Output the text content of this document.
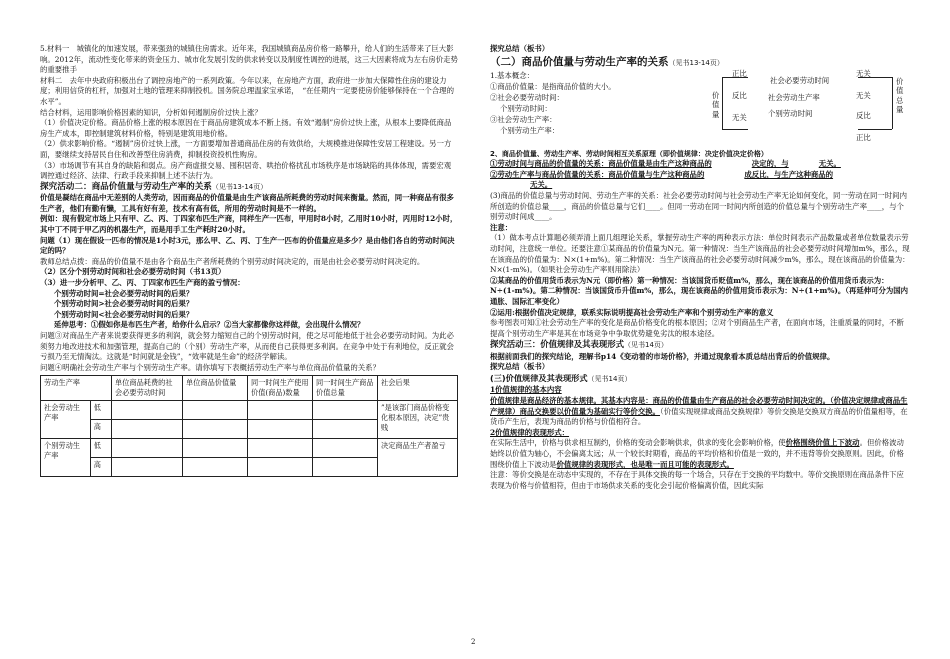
5.材料一　城镇化的加速发展，带来强劲的城镇住房需求。近年来，我国城镇商品房价格一路攀升，给人们的生活带来了巨大影响。2012年，流动性变化带来的资金压力、城市化发展引发的供求转变以及制度性调控的进展，这三大因素将成为左右房价走势的重要推手

材料二　去年中央政府积极出台了调控房地产的一系列政策。今年以来，在房地产方面，政府进一步加大保障性住房的建设力度；利用信贷的杠杆，加强对土地的管理来抑制投机。国务院总理温家宝承诺，　“在任期内一定要使房价能够保持在一个合理的水平”。

结合材料，运用影响价格因素的知识，分析如何遏制房价过快上涨？

（1）价值决定价格。商品价格上涨的根本原因在于商品房建筑成本不断上扬。有效“遏制”房价过快上涨，从根本上要降低商品房生产成本，即控制建筑材料价格，特别是建筑用地价格。

（2）供求影响价格。“遏制”房价过快上涨，一方面要增加普通商品住房的有效供给，大规模推进保障性安居工程建设。另一方面，要继续支持居民自住和改善型住房消费，抑制投资投机性购房。

（3）市场调节有其自身的缺陷和弱点。房产商虚报交易、囤积居奇、哄抬价格扰乱市场秩序是市场缺陷的具体体现，需要宏观调控通过经济、法律、行政手段来抑制上述不法行为。

探究活动二：商品价值量与劳动生产率的关系（见书13-14页）

价值是凝结在商品中无差别的人类劳动，因而商品的价值量是由生产该商品所耗费的劳动时间来衡量。然而，同一种商品有很多生产者，他们有勤有懒，工具有好有差，技术有高有低，所用的劳动时间是不一样的。

例如：现有假定市场上只有甲、乙、丙、丁四家布匹生产商，同样生产一匹布，甲用时8小时，乙用时10小时，丙用时12小时，其中丁不同于甲乙丙的机器生产，而是用手工生产耗时20小时。

问题（1）现在假设一匹布的情况是1小时3元，那么甲、乙、丙、丁生产一匹布的价值量应是多少？是由他们各自的劳动时间决定的吗？

教师总结点拨：商品的价值量不是由各个商品生产者所耗费的个别劳动时间决定的，而是由社会必要劳动时间决定的。

（2）区分个别劳动时间和社会必要劳动时间（书13页）

（3）进一步分析甲、乙、丙、丁四家布匹生产商的盈亏情况：

个别劳动时间=社会必要劳动时间的后果？

个别劳动时间>社会必要劳动时间的后果？

个别劳动时间<社会必要劳动时间的后果？

延伸思考：①假如你是布匹生产者，给你什么启示？②当大家都像你这样做，会出现什么情况？

问题③对商品生产者来说要获得更多的利润，就会努力缩短自己的个别劳动时间，使之尽可能地低于社会必要劳动时间。为此必须努力地改进技术和加强管理，提高自己的（个别）劳动生产率，从而使自己获得更多利润。在竞争中处于有利地位，反正就会亏损乃至无情淘汰。这就是“时间就是金钱”，“效率就是生命”的经济学解读。

问题④明确社会劳动生产率与个别劳动生产率。请你填写下表概括劳动生产率与单位商品价值量的关系？

劳动生产率		单位商品耗费的社会必要劳动时间	单位商品价值量	同一时间生产使用价值(商品)数量	同一时间生产商品价值总量	社会后果
社会劳动生产率	低					”是该部门商品价格变化根本原因，决定”贵贱
	高					
个别劳动生产率	低					决定商品生产者盈亏
	高					

探究总结（板书）

（二）商品价值量与劳动生产率的关系（见书13-14页）

1.基本概念：
①商品价值量：是指商品价值的大小。
②社会必要劳动时间：
个别劳动时间：
③社会劳动生产率：
个别劳动生产率：
价值量
价值总量
正比	无关
社会必要劳动时间
反比	无关
社会劳动生产率
个别劳动时间
无关	反比
正比

2、商品价值量、劳动生产率、劳动时间相互关系原理（即价值规律：决定价值决定价格）

①劳动时间与商品的价值量的关系：商品价值量是由生产这种商品的	决定的，与	无关。

②劳动生产率与商品价值量的关系：商品价值量与生产这种商品的	成反比，与生产这种商品的
无关。

(3)商品的价值总量与劳动时间、劳动生产率的关系：社会必要劳动时间与社会劳动生产率无论如何变化，同一劳动在同一时间内所创造的价值总量____，商品的价值总量与它们____。但同一劳动在同一时间内所创造的价值总量与个别劳动生产率____，与个别劳动时间成____。

注意：

（1）做本考点计算题必须弄清上面几组理论关系，掌握劳动生产率的两种表示方法：单位时间表示产品数量或者单位数量表示劳动时间，注意统一单位。还要注意①某商品的价值量为N元。第一种情况：当生产该商品的社会必要劳动时间增加m%，那么，现在该商品的价值量为：N×(1+m%)。第二种情况：当生产该商品的社会必要劳动时间减少m%，那么，现在该商品的价值量为：N×(1-m%)。（如果社会劳动生产率则用除法）

②某商品的价值用货币表示为N元（即价格）第一种情况：当该国货币贬值m%，那么，现在该商品的价值用货币表示为：N÷(1-m%)。第二种情况：当该国货币升值m%，那么，现在该商品的价值用货币表示为：N÷(1+m%)。（再延伸可分为国内通胀、国际汇率变化）

②运用:根据价值决定规律，联系实际说明提高社会劳动生产率和个别劳动生产率的意义

参考图表可知①社会劳动生产率的变化是商品价格变化的根本原因；②对个别商品生产者，在面向市场，注重质量的同时，不断提高个别劳动生产率是其在市场竞争中争取优势避免劣汰的根本途径。

探究活动三：价值规律及其表现形式（见书14页）

根据前面我们的探究结论，理解书p14《变动着的市场价格》，并通过现象看本质总结出背后的价值规律。

探究总结（板书）

(三)价值规律及其表现形式（见书14页）

1价值规律的基本内容

价值规律是商品经济的基本规律。其基本内容是：商品的价值量由生产商品的社会必要劳动时间决定的。（价值决定规律或商品生产规律）商品交换要以价值量为基础实行等价交换。（价值实现规律或商品交换规律）等价交换是交换双方商品的价值量相等，在货币产生后，表现为商品的价格与价值相符合。

2价值规律的表现形式：

在实际生活中，价格与供求相互制约，价格的变动会影响供求，供求的变化会影响价格，使价格围绕价值上下波动。但价格波动始终以价值为轴心，不会偏离太远；从一个较长时期看，商品的平均价格和价值是一致的，并不违背等价交换原则。因此，价格围绕价值上下波动是价值规律的表现形式，也是唯一而且可能的表现形式。

注意：等价交换是在动态中实现的，不存在于具体交换的每一个场合，只存在于交换的平均数中。等价交换原则在商品条件下应表现为价格与价值相符，但由于市场供求关系的变化会引起价格偏离价值，因此实际

2
